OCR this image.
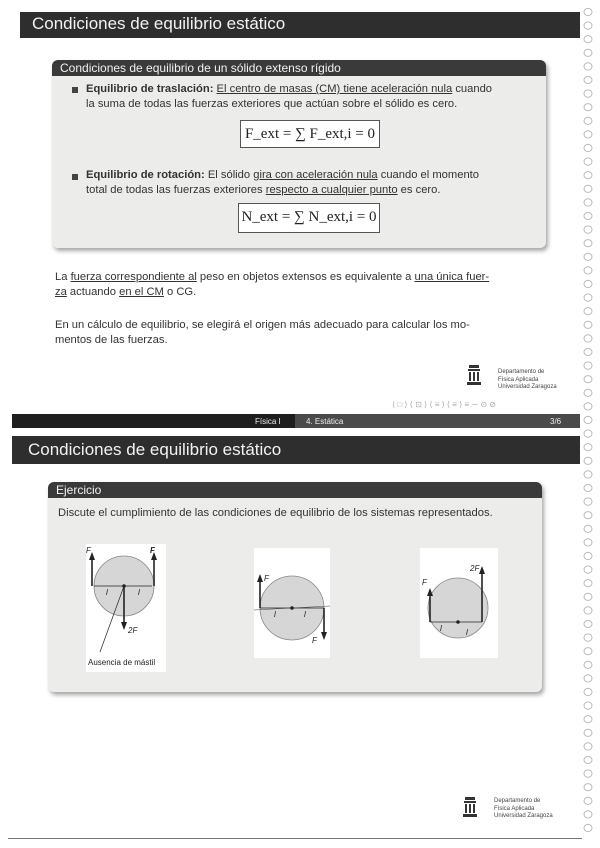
Condiciones de equilibrio estático
Condiciones de equilibrio de un sólido extenso rígido
Equilibrio de traslación: El centro de masas (CM) tiene aceleración nula cuando
la suma de todas las fuerzas exteriores que actúan sobre el sólido es cero.
F_ext = ∑ F_ext,i = 0
Equilibrio de rotación: El sólido gira con aceleración nula cuando el momento
total de todas las fuerzas exteriores respecto a cualquier punto es cero.
N_ext = ∑ N_ext,i = 0
La fuerza correspondiente al peso en objetos extensos es equivalente a una única fuer-
za actuando en el CM o CG.
En un cálculo de equilibrio, se elegirá el origen más adecuado para calcular los mo-
mentos de las fuerzas.
Departamento de
Física Aplicada
Universidad Zaragoza
⟨ □ ⟩ ⟨ ⊡ ⟩ ⟨ ≡ ⟩ ⟨ ≡ ⟩ ≡ ∽ ⊙ ⊘
Física I	4. Estática	3/6
Condiciones de equilibrio estático
Ejercicio
Discute el cumplimiento de las condiciones de equilibrio de los sistemas representados.
F	F
l	l
2F
Ausencia de mástil
F
F
l	l
F
2F
l	l
Departamento de
Física Aplicada
Universidad Zaragoza
